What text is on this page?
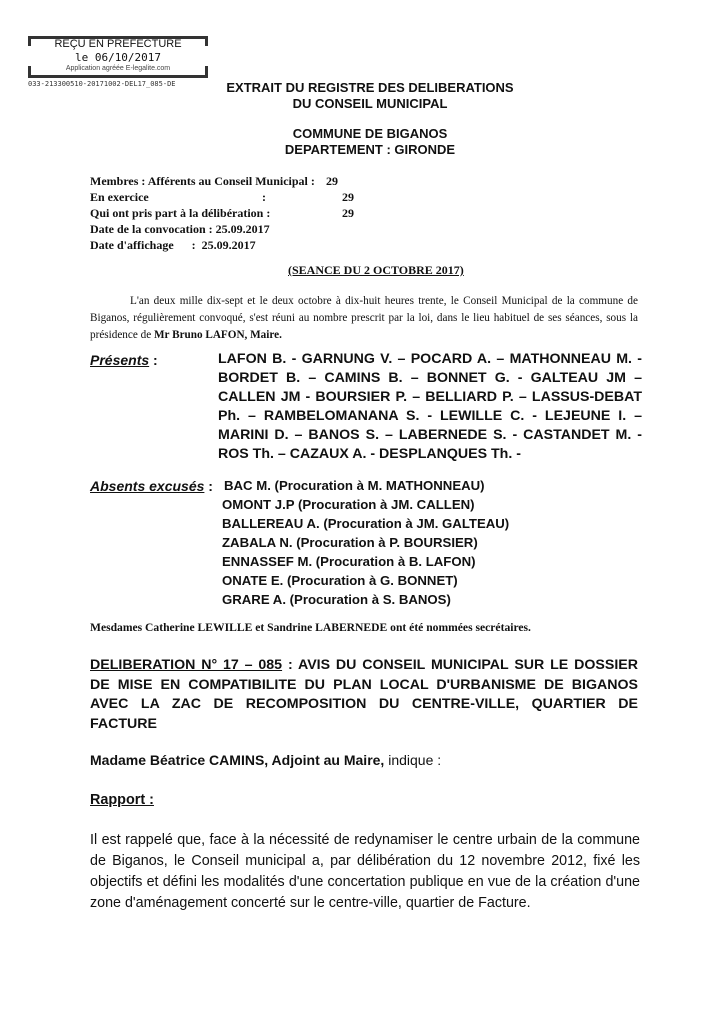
REÇU EN PREFECTURE
le 06/10/2017
Application agréée E-legalite.com
033-213300510-20171002-DEL17_085-DE	EXTRAIT DU REGISTRE DES DELIBERATIONS
DU CONSEIL MUNICIPAL
COMMUNE DE BIGANOS
DEPARTEMENT : GIRONDE
Membres : Afférents au Conseil Municipal : 29
En exercice	:	29
Qui ont pris part à la délibération :	29
Date de la convocation : 25.09.2017
Date d'affichage      :  25.09.2017
(SEANCE DU 2 OCTOBRE 2017)
L'an deux mille dix-sept et le deux octobre à dix-huit heures trente, le Conseil Municipal de la commune de Biganos, régulièrement convoqué, s'est réuni au nombre prescrit par la loi, dans le lieu habituel de ses séances, sous la présidence de Mr Bruno LAFON, Maire.
Présents :	LAFON B. - GARNUNG V. – POCARD A. – MATHONNEAU M. - BORDET B. – CAMINS B. – BONNET G. - GALTEAU JM – CALLEN JM - BOURSIER P. – BELLIARD P. – LASSUS-DEBAT Ph. – RAMBELOMANANA S. - LEWILLE C. - LEJEUNE I. – MARINI D. – BANOS S. – LABERNEDE S. - CASTANDET M. - ROS Th. – CAZAUX A. - DESPLANQUES Th. -
Absents excusés : BAC M. (Procuration à M. MATHONNEAU)
OMONT J.P (Procuration à JM. CALLEN)
BALLEREAU A. (Procuration à JM. GALTEAU)
ZABALA N. (Procuration à P. BOURSIER)
ENNASSEF M. (Procuration à B. LAFON)
ONATE E. (Procuration à G. BONNET)
GRARE A. (Procuration à S. BANOS)
Mesdames Catherine LEWILLE et Sandrine LABERNEDE ont été nommées secrétaires.
DELIBERATION N° 17 – 085 : AVIS DU CONSEIL MUNICIPAL SUR LE DOSSIER DE MISE EN COMPATIBILITE DU PLAN LOCAL D'URBANISME DE BIGANOS AVEC LA ZAC DE RECOMPOSITION DU CENTRE-VILLE, QUARTIER DE FACTURE
Madame Béatrice CAMINS, Adjoint au Maire, indique :
Rapport :
Il est rappelé que, face à la nécessité de redynamiser le centre urbain de la commune de Biganos, le Conseil municipal a, par délibération du 12 novembre 2012, fixé les objectifs et défini les modalités d'une concertation publique en vue de la création d'une zone d'aménagement concerté sur le centre-ville, quartier de Facture.
